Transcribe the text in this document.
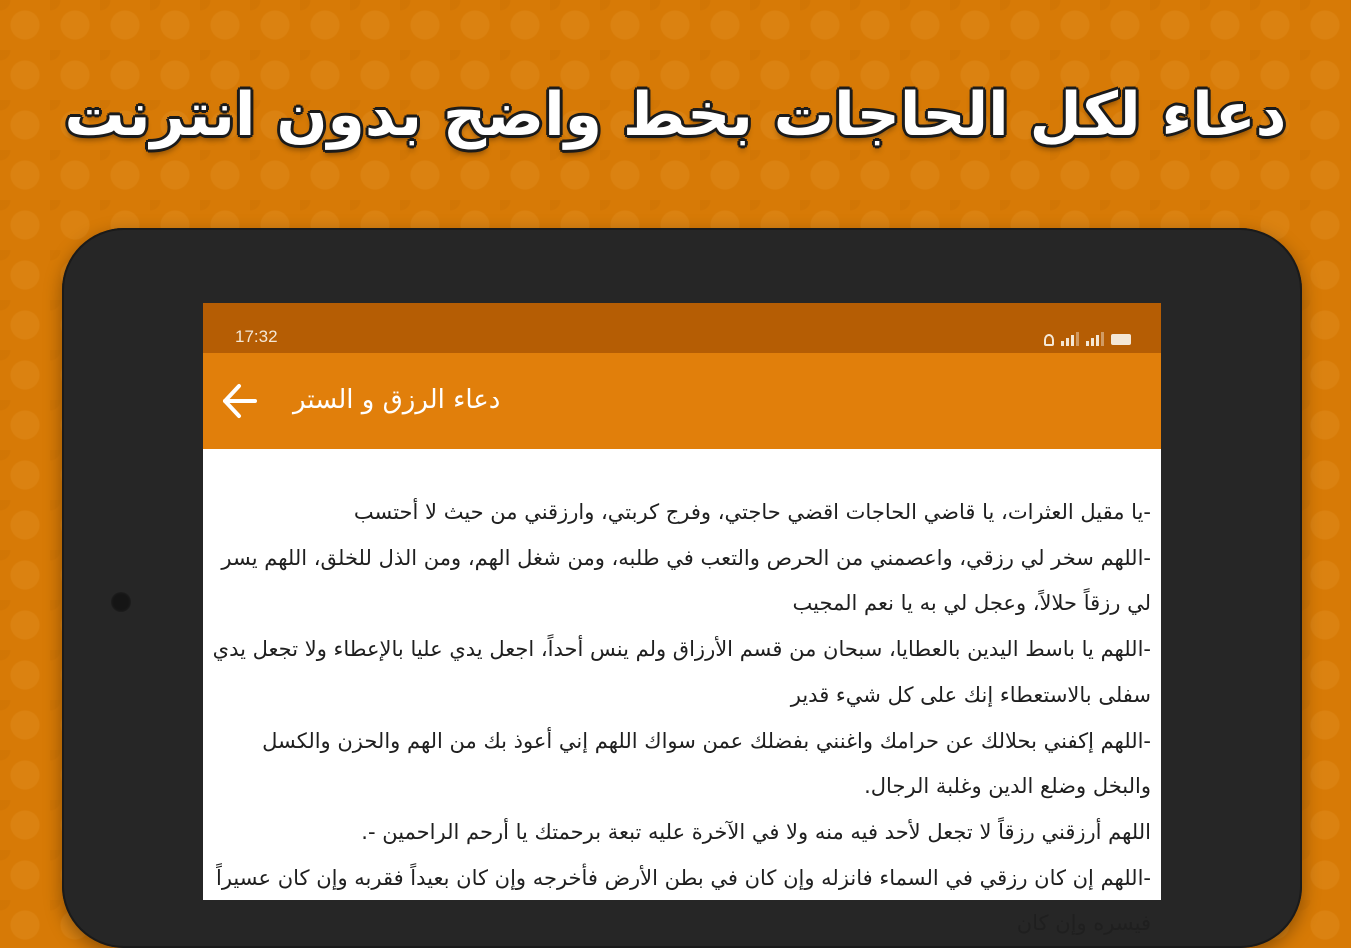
دعاء لكل الحاجات بخط واضح بدون انترنت
17:32
دعاء الرزق و الستر
-يا مقيل العثرات، يا قاضي الحاجات اقضي حاجتي، وفرج كربتي، وارزقني من حيث لا أحتسب
-اللهم سخر لي رزقي، واعصمني من الحرص والتعب في طلبه، ومن شغل الهم، ومن الذل للخلق، اللهم يسر لي رزقاً حلالاً، وعجل لي به يا نعم المجيب
-اللهم يا باسط اليدين بالعطايا، سبحان من قسم الأرزاق ولم ينس أحداً، اجعل يدي عليا بالإعطاء ولا تجعل يدي سفلى بالاستعطاء إنك على كل شيء قدير
-اللهم إكفني بحلالك عن حرامك واغنني بفضلك عمن سواك اللهم إني أعوذ بك من الهم والحزن والكسل والبخل وضلع الدين وغلبة الرجال.
اللهم أرزقني رزقاً لا تجعل لأحد فيه منه ولا في الآخرة عليه تبعة برحمتك يا أرحم الراحمين -.
-اللهم إن كان رزقي في السماء فانزله وإن كان في بطن الأرض فأخرجه وإن كان بعيداً فقربه وإن كان عسيراً فيسره وإن كان
